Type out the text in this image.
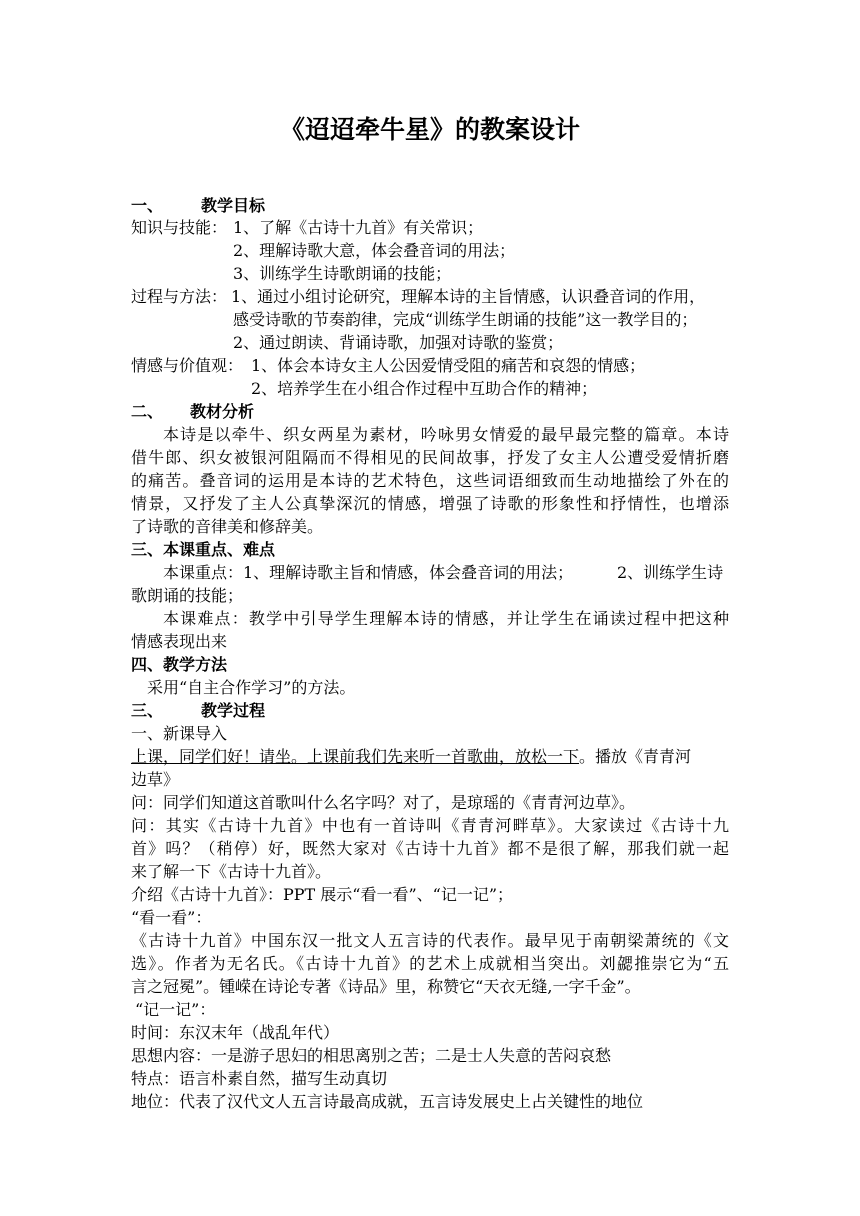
《迢迢牵牛星》的教案设计
一、 教学目标
知识与技能： 1、了解《古诗十九首》有关常识；
2、理解诗歌大意，体会叠音词的用法；
3、训练学生诗歌朗诵的技能；
过程与方法： 1、通过小组讨论研究，理解本诗的主旨情感，认识叠音词的作用，
感受诗歌的节奏韵律，完成“训练学生朗诵的技能”这一教学目的；
2、通过朗读、背诵诗歌，加强对诗歌的鉴赏；
情感与价值观： 1、体会本诗女主人公因爱情受阻的痛苦和哀怨的情感；
2、培养学生在小组合作过程中互助合作的精神；
二、 教材分析
本诗是以牵牛、织女两星为素材，吟咏男女情爱的最早最完整的篇章。本诗
借牛郎、织女被银河阻隔而不得相见的民间故事，抒发了女主人公遭受爱情折磨
的痛苦。叠音词的运用是本诗的艺术特色，这些词语细致而生动地描绘了外在的
情景，又抒发了主人公真挚深沉的情感，增强了诗歌的形象性和抒情性，也增添
了诗歌的音律美和修辞美。
三、本课重点、难点
本课重点：1、理解诗歌主旨和情感，体会叠音词的用法；	2、训练学生诗
歌朗诵的技能；
本课难点：教学中引导学生理解本诗的情感，并让学生在诵读过程中把这种
情感表现出来
四、教学方法
采用“自主合作学习”的方法。
三、 教学过程
一、新课导入
上课，同学们好！请坐。上课前我们先来听一首歌曲，放松一下。播放《青青河
边草》
问：同学们知道这首歌叫什么名字吗？对了，是琼瑶的《青青河边草》。
问：其实《古诗十九首》中也有一首诗叫《青青河畔草》。大家读过《古诗十九
首》吗？（稍停）好，既然大家对《古诗十九首》都不是很了解，那我们就一起
来了解一下《古诗十九首》。
介绍《古诗十九首》：PPT 展示“看一看”、“记一记”；
“看一看”：
《古诗十九首》中国东汉一批文人五言诗的代表作。最早见于南朝梁萧统的《文
选》。作者为无名氏。《古诗十九首》的艺术上成就相当突出。刘勰推崇它为“五
言之冠冕”。锺嵘在诗论专著《诗品》里，称赞它“天衣无缝,一字千金”。
“记一记”：
时间：东汉末年（战乱年代）
思想内容：一是游子思妇的相思离别之苦；二是士人失意的苦闷哀愁
特点：语言朴素自然，描写生动真切
地位：代表了汉代文人五言诗最高成就，五言诗发展史上占关键性的地位
